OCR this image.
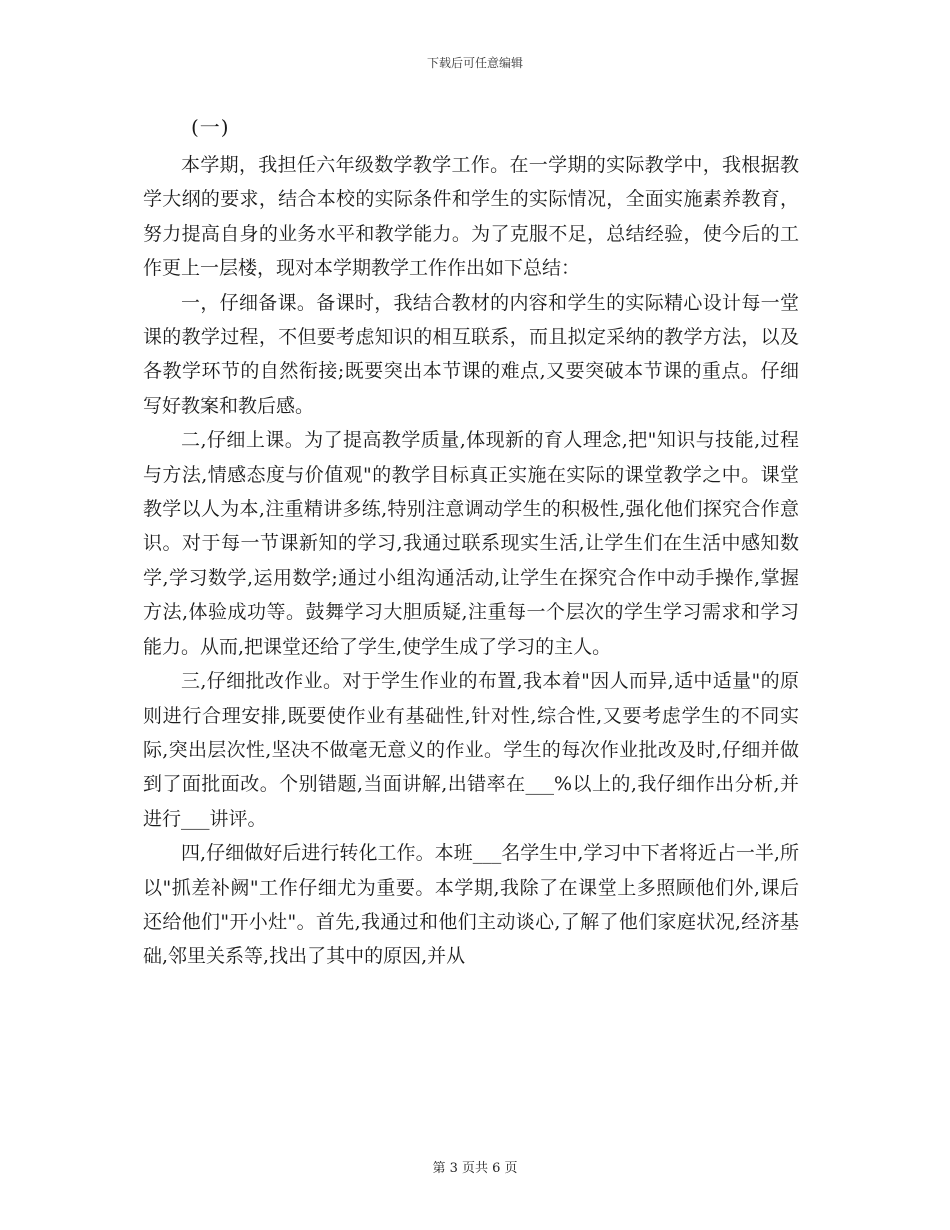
下载后可任意编辑
(一)

本学期，我担任六年级数学教学工作。在一学期的实际教学中，我根据教学大纲的要求，结合本校的实际条件和学生的实际情况，全面实施素养教育，努力提高自身的业务水平和教学能力。为了克服不足，总结经验，使今后的工作更上一层楼，现对本学期教学工作作出如下总结：

一，仔细备课。备课时，我结合教材的内容和学生的实际精心设计每一堂课的教学过程，不但要考虑知识的相互联系，而且拟定采纳的教学方法，以及各教学环节的自然衔接;既要突出本节课的难点,又要突破本节课的重点。仔细写好教案和教后感。

二,仔细上课。为了提高教学质量,体现新的育人理念,把"知识与技能,过程与方法,情感态度与价值观"的教学目标真正实施在实际的课堂教学之中。课堂教学以人为本,注重精讲多练,特别注意调动学生的积极性,强化他们探究合作意识。对于每一节课新知的学习,我通过联系现实生活,让学生们在生活中感知数学,学习数学,运用数学;通过小组沟通活动,让学生在探究合作中动手操作,掌握方法,体验成功等。鼓舞学习大胆质疑,注重每一个层次的学生学习需求和学习能力。从而,把课堂还给了学生,使学生成了学习的主人。

三,仔细批改作业。对于学生作业的布置,我本着"因人而异,适中适量"的原则进行合理安排,既要使作业有基础性,针对性,综合性,又要考虑学生的不同实际,突出层次性,坚决不做毫无意义的作业。学生的每次作业批改及时,仔细并做到了面批面改。个别错题,当面讲解,出错率在___%以上的,我仔细作出分析,并进行___讲评。

四,仔细做好后进行转化工作。本班___名学生中,学习中下者将近占一半,所以"抓差补阙"工作仔细尤为重要。本学期,我除了在课堂上多照顾他们外,课后还给他们"开小灶"。首先,我通过和他们主动谈心,了解了他们家庭状况,经济基础,邻里关系等,找出了其中的原因,并从

第 3 页共 6 页
